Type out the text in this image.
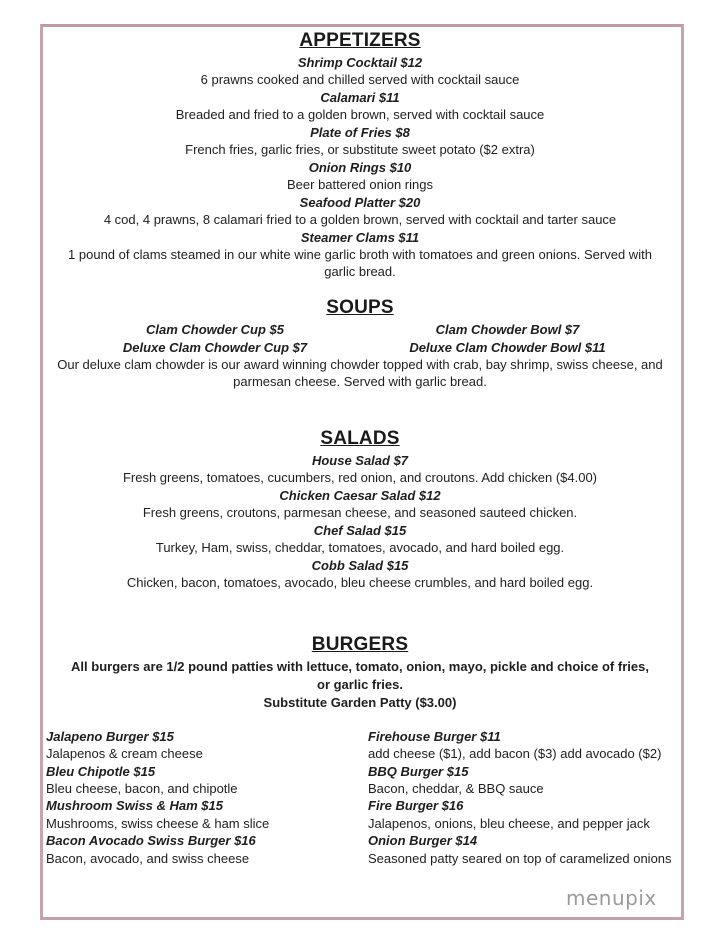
APPETIZERS
Shrimp Cocktail $12
6 prawns cooked and chilled served with cocktail sauce
Calamari $11
Breaded and fried to a golden brown, served with cocktail sauce
Plate of Fries $8
French fries, garlic fries, or substitute sweet potato ($2 extra)
Onion Rings $10
Beer battered onion rings
Seafood Platter $20
4 cod, 4 prawns, 8 calamari fried to a golden brown, served with cocktail and tarter sauce
Steamer Clams $11
1 pound of clams steamed in our white wine garlic broth with tomatoes and green onions. Served with
garlic bread.
SOUPS
Clam Chowder Cup $5	Clam Chowder Bowl $7
Deluxe Clam Chowder Cup $7	Deluxe Clam Chowder Bowl $11
Our deluxe clam chowder is our award winning chowder topped with crab, bay shrimp, swiss cheese, and
parmesan cheese. Served with garlic bread.
SALADS
House Salad $7
Fresh greens, tomatoes, cucumbers, red onion, and croutons. Add chicken ($4.00)
Chicken Caesar Salad $12
Fresh greens, croutons, parmesan cheese, and seasoned sauteed chicken.
Chef Salad $15
Turkey, Ham, swiss, cheddar, tomatoes, avocado, and hard boiled egg.
Cobb Salad $15
Chicken, bacon, tomatoes, avocado, bleu cheese crumbles, and hard boiled egg.
BURGERS
All burgers are 1/2 pound patties with lettuce, tomato, onion, mayo, pickle and choice of fries,
or garlic fries.
Substitute Garden Patty ($3.00)
Jalapeno Burger $15
Jalapenos & cream cheese
Bleu Chipotle $15
Bleu cheese, bacon, and chipotle
Mushroom Swiss & Ham $15
Mushrooms, swiss cheese & ham slice
Bacon Avocado Swiss Burger $16
Bacon, avocado, and swiss cheese
Firehouse Burger $11
add cheese ($1), add bacon ($3) add avocado ($2)
BBQ Burger $15
Bacon, cheddar, & BBQ sauce
Fire Burger $16
Jalapenos, onions, bleu cheese, and pepper jack
Onion Burger $14
Seasoned patty seared on top of caramelized onions
menupix
